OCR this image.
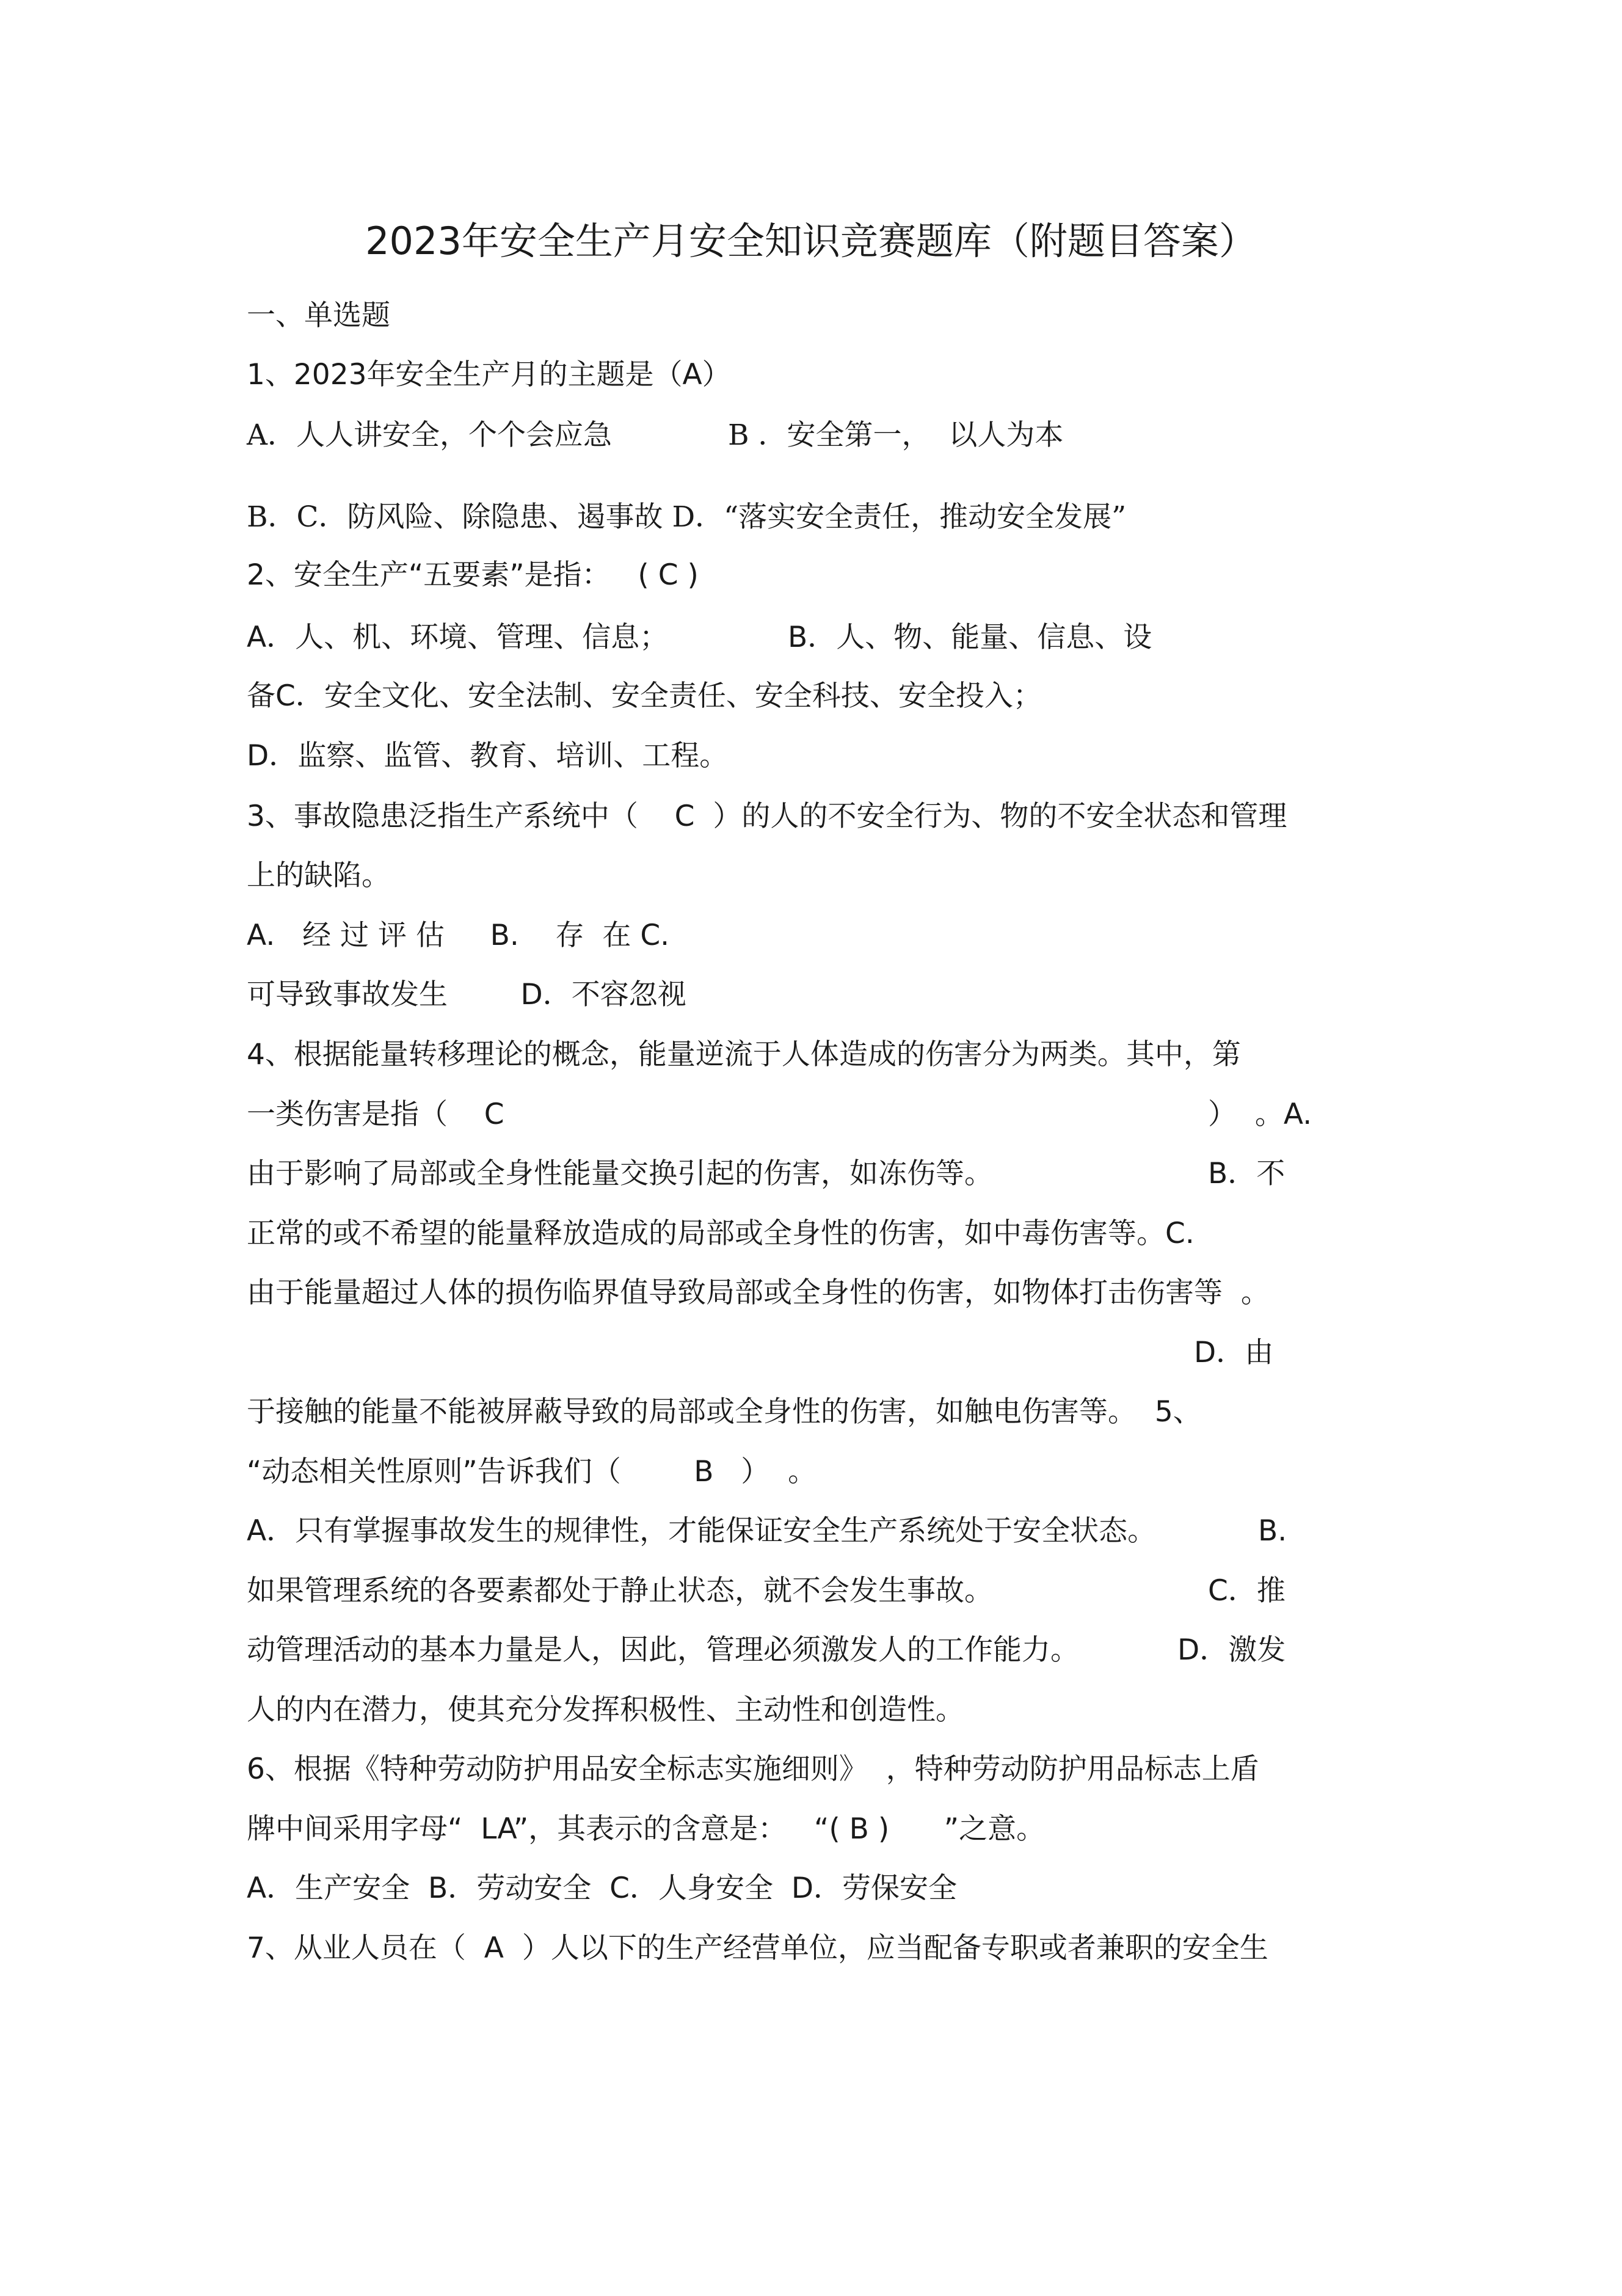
2023年安全生产月安全知识竞赛题库（附题目答案）
一、单选题
1、2023年安全生产月的主题是（A）
A．人人讲安全，个个会应急	B ．安全第一，  以人为本
B．C．防风险、除隐患、遏事故 D．“落实安全责任，推动安全发展”
2、安全生产“五要素”是指：   ( C )
A．人、机、环境、管理、信息；	B．人、物、能量、信息、设
备C．安全文化、安全法制、安全责任、安全科技、安全投入；
D．监察、监管、教育、培训、工程。
3、事故隐患泛指生产系统中（    C  ）的人的不安全行为、物的不安全状态和管理
上的缺陷。
A.   经 过 评 估     B.    存  在 C.
可导致事故发生        D．不容忽视
4、根据能量转移理论的概念，能量逆流于人体造成的伤害分为两类。其中，第
一类伤害是指（    C	）  。A.
由于影响了局部或全身性能量交换引起的伤害，如冻伤等。	B．不
正常的或不希望的能量释放造成的局部或全身性的伤害，如中毒伤害等。C.
由于能量超过人体的损伤临界值导致局部或全身性的伤害，如物体打击伤害等  。
D．由
于接触的能量不能被屏蔽导致的局部或全身性的伤害，如触电伤害等。  5、
“动态相关性原则”告诉我们（        B   ）  。
A．只有掌握事故发生的规律性，才能保证安全生产系统处于安全状态。	B.
如果管理系统的各要素都处于静止状态，就不会发生事故。	C．推
动管理活动的基本力量是人，因此，管理必须激发人的工作能力。	D．激发
人的内在潜力，使其充分发挥积极性、主动性和创造性。
6、根据《特种劳动防护用品安全标志实施细则》  ，特种劳动防护用品标志上盾
牌中间采用字母“  LA”，其表示的含意是：   “( B )      ”之意。
A．生产安全  B．劳动安全  C．人身安全  D．劳保安全
7、从业人员在（  A  ）人以下的生产经营单位，应当配备专职或者兼职的安全生
